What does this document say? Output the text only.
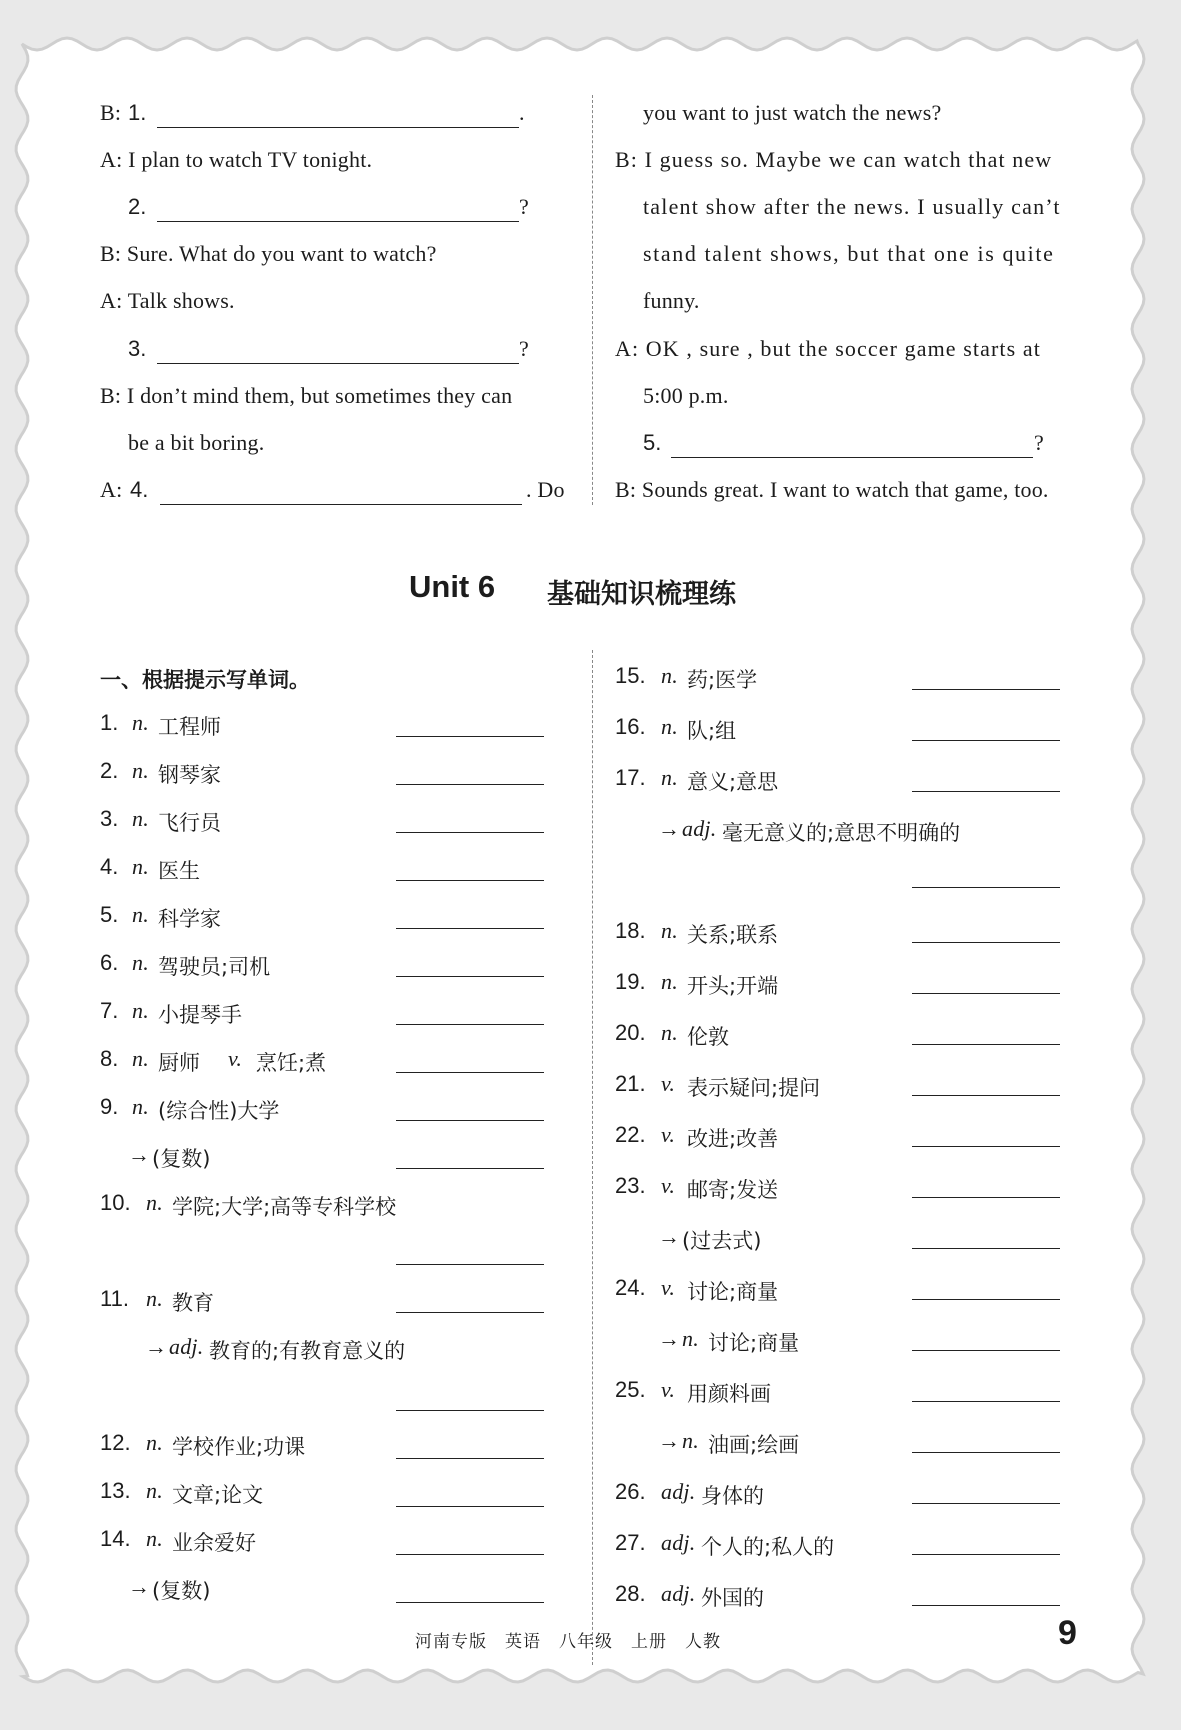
B: 1.	.
A: I plan to watch TV tonight.
2.	?
B: Sure. What do you want to watch?
A: Talk shows.
3.	?
B: I don’t mind them, but sometimes they can
be a bit boring.
A: 4.	. Do
you want to just watch the news?
B: I guess so. Maybe we can watch that new
talent show after the news. I usually can’t
stand talent shows, but that one is quite
funny.
A: OK , sure , but the soccer game starts at
5:00 p.m.
5.	?
B: Sounds great. I want to watch that game, too.
Unit 6 基础知识梳理练
一、根据提示写单词。
1. n. 工程师
2. n. 钢琴家
3. n. 飞行员
4. n. 医生
5. n. 科学家
6. n. 驾驶员;司机
7. n. 小提琴手
8. n. 厨师 v. 烹饪;煮
9. n. (综合性)大学
→ (复数)
10. n. 学院;大学;高等专科学校
11. n. 教育
→ adj. 教育的;有教育意义的
12. n. 学校作业;功课
13. n. 文章;论文
14. n. 业余爱好
→ (复数)
15. n. 药;医学
16. n. 队;组
17. n. 意义;意思
→ adj. 毫无意义的;意思不明确的
18. n. 关系;联系
19. n. 开头;开端
20. n. 伦敦
21. v. 表示疑问;提问
22. v. 改进;改善
23. v. 邮寄;发送
→ (过去式)
24. v. 讨论;商量
→ n. 讨论;商量
25. v. 用颜料画
→ n. 油画;绘画
26. adj. 身体的
27. adj. 个人的;私人的
28. adj. 外国的
河南专版　英语　八年级　上册　人教	9
